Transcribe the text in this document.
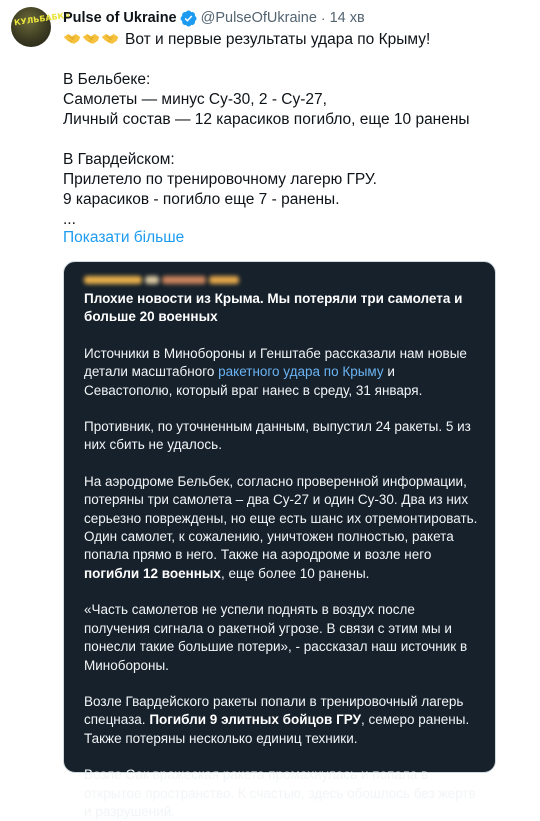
КУЛЬБАБКА
Pulse of Ukraine @PulseOfUkraine · 14 хв
Вот и первые результаты удара по Крыму!
В Бельбеке:
Самолеты — минус Су-30, 2 - Су-27,
Личный состав — 12 карасиков погибло, еще 10 ранены
В Гвардейском:
Прилетело по тренировочному лагерю ГРУ.
9 карасиков - погибло еще 7 - ранены.
...
Показати більше
Плохие новости из Крыма. Мы потеряли три самолета и больше 20 военных
Источники в Минобороны и Генштабе рассказали нам новые детали масштабного ракетного удара по Крыму и Севастополю, который враг нанес в среду, 31 января.
Противник, по уточненным данным, выпустил 24 ракеты. 5 из них сбить не удалось.
На аэродроме Бельбек, согласно проверенной информации, потеряны три самолета – два Су-27 и один Су-30. Два из них серьезно повреждены, но еще есть шанс их отремонтировать. Один самолет, к сожалению, уничтожен полностью, ракета попала прямо в него. Также на аэродроме и возле него погибли 12 военных, еще более 10 ранены.
«Часть самолетов не успели поднять в воздух после получения сигнала о ракетной угрозе. В связи с этим мы и понесли такие большие потери», - рассказал наш источник в Минобороны.
Возле Гвардейского ракеты попали в тренировочный лагерь спецназа. Погибли 9 элитных бойцов ГРУ, семеро ранены. Также потеряны несколько единиц техники.
Возле Сак вражеская ракета промахнулась и попала в открытое пространство. К счастью, здесь обошлось без жертв и разрушений.
